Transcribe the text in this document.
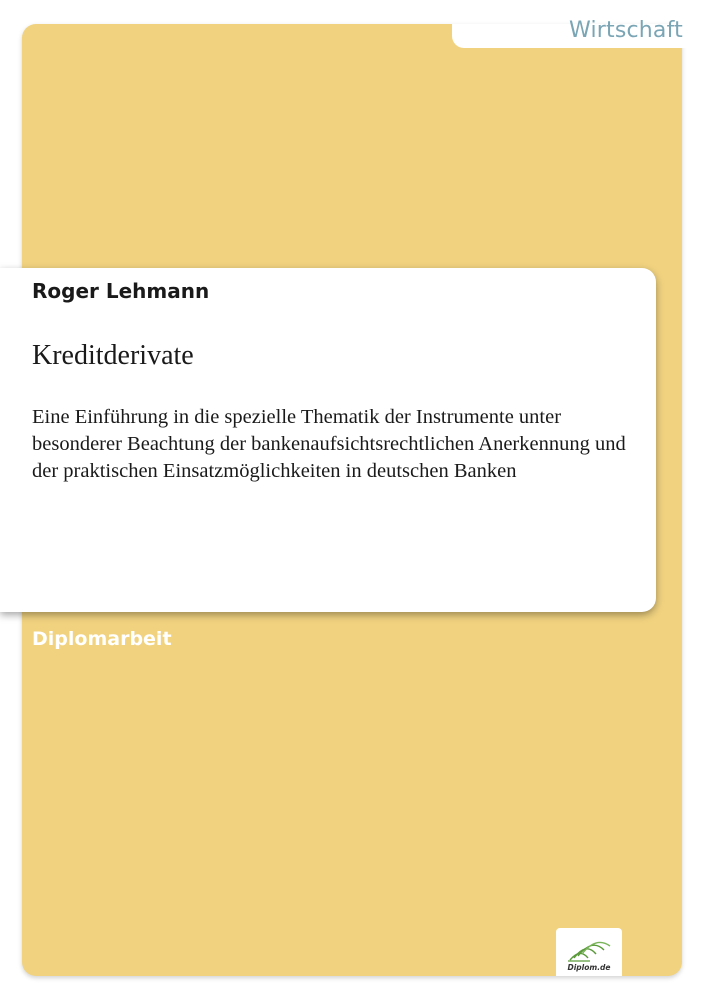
Wirtschaft
Roger Lehmann
Kreditderivate
Eine Einführung in die spezielle Thematik der Instrumente unter besonderer Beachtung der bankenaufsichtsrechtlichen Anerkennung und der praktischen Einsatzmöglichkeiten in deutschen Banken
Diplomarbeit
Diplom.de
